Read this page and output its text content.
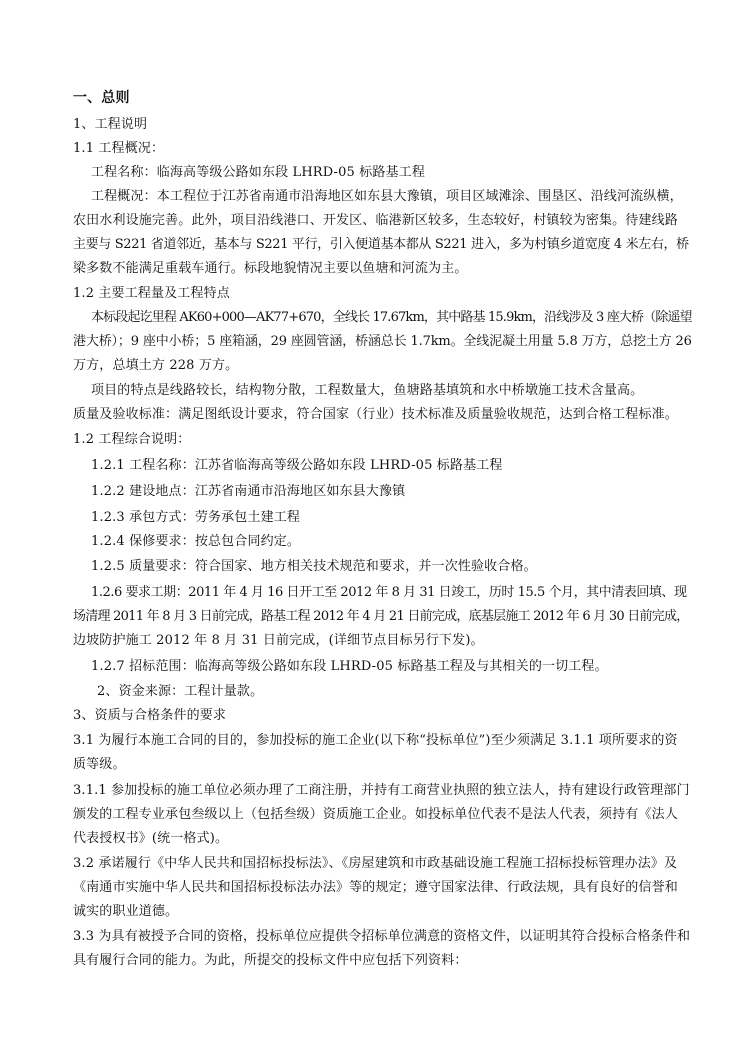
一、总则
1、工程说明
1.1 工程概况：
工程名称：临海高等级公路如东段 LHRD-05 标路基工程
工程概况：本工程位于江苏省南通市沿海地区如东县大豫镇，项目区域滩涂、围垦区、沿线河流纵横，
农田水利设施完善。此外，项目沿线港口、开发区、临港新区较多，生态较好，村镇较为密集。待建线路
主要与 S221 省道邻近，基本与 S221 平行，引入便道基本都从 S221 进入，多为村镇乡道宽度 4 米左右，桥
梁多数不能满足重载车通行。标段地貌情况主要以鱼塘和河流为主。
1.2 主要工程量及工程特点
本标段起讫里程 AK60+000—AK77+670，全线长 17.67km，其中路基 15.9km，沿线涉及 3 座大桥（除遥望
港大桥）；9 座中小桥；5 座箱涵，29 座圆管涵，桥涵总长 1.7km。全线泥凝土用量 5.8 万方，总挖土方 26
万方，总填土方 228 万方。
项目的特点是线路较长，结构物分散，工程数量大，鱼塘路基填筑和水中桥墩施工技术含量高。
质量及验收标准：满足图纸设计要求，符合国家（行业）技术标准及质量验收规范，达到合格工程标准。
1.2 工程综合说明：
1.2.1 工程名称：江苏省临海高等级公路如东段 LHRD-05 标路基工程
1.2.2 建设地点：江苏省南通市沿海地区如东县大豫镇
1.2.3 承包方式：劳务承包土建工程
1.2.4 保修要求：按总包合同约定。
1.2.5 质量要求：符合国家、地方相关技术规范和要求，并一次性验收合格。
1.2.6 要求工期：2011 年 4 月 16 日开工至 2012 年 8 月 31 日竣工，历时 15.5 个月，其中清表回填、现
场清理 2011 年 8 月 3 日前完成，路基工程 2012 年 4 月 21 日前完成，底基层施工 2012 年 6 月 30 日前完成，
边坡防护施工 2012 年 8 月 31 日前完成，(详细节点目标另行下发)。
1.2.7 招标范围：临海高等级公路如东段 LHRD-05 标路基工程及与其相关的一切工程。
2、资金来源：工程计量款。
3、资质与合格条件的要求
3.1 为履行本施工合同的目的，参加投标的施工企业(以下称“投标单位”)至少须满足 3.1.1 项所要求的资
质等级。
3.1.1 参加投标的施工单位必须办理了工商注册，并持有工商营业执照的独立法人，持有建设行政管理部门
颁发的工程专业承包叁级以上（包括叁级）资质施工企业。如投标单位代表不是法人代表，须持有《法人
代表授权书》(统一格式)。
3.2 承诺履行《中华人民共和国招标投标法》、《房屋建筑和市政基础设施工程施工招标投标管理办法》及
《南通市实施中华人民共和国招标投标法办法》等的规定；遵守国家法律、行政法规，具有良好的信誉和
诚实的职业道德。
3.3 为具有被授予合同的资格，投标单位应提供令招标单位满意的资格文件，以证明其符合投标合格条件和
具有履行合同的能力。为此，所提交的投标文件中应包括下列资料：
